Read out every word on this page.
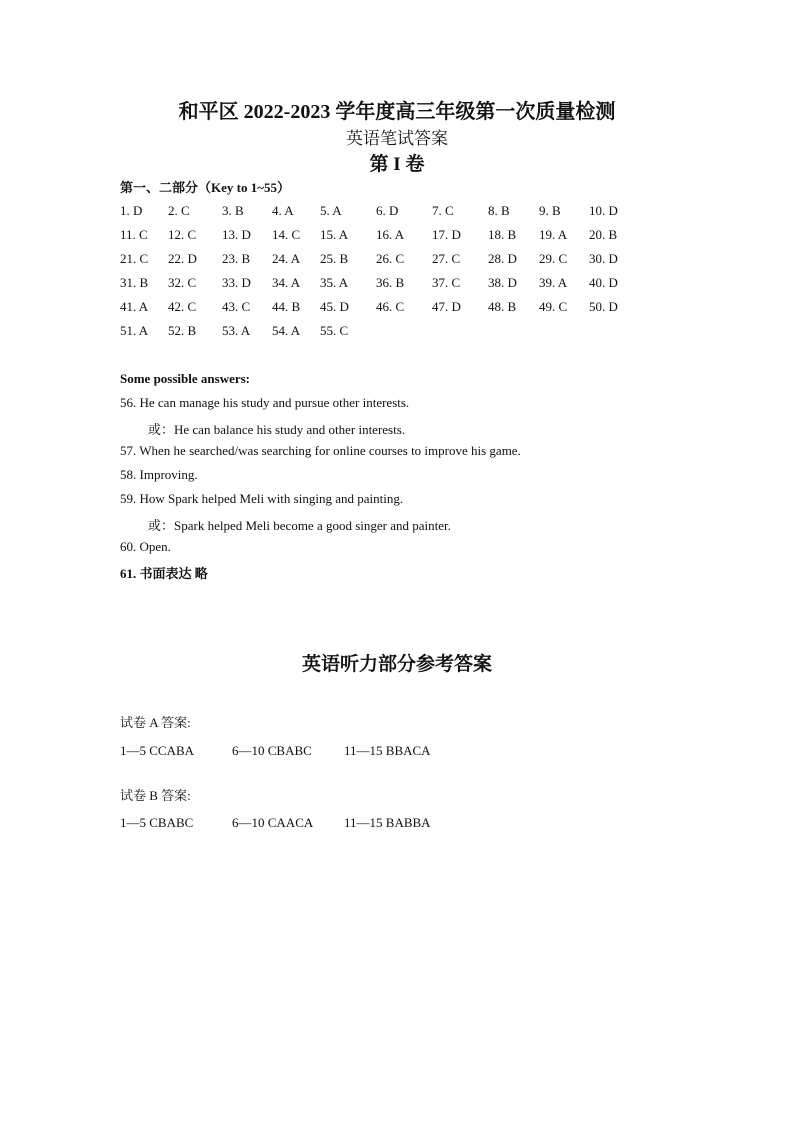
和平区 2022-2023 学年度高三年级第一次质量检测
英语笔试答案
第 I 卷
第一、二部分（Key to 1~55）
1. D 2. C 3. B 4. A 5. A	6. D	7. C	8. B 9. B 10. D
11. C 12. C 13. D 14. C 15. A 16. A 17. D 18. B 19. A 20. B
21. C 22. D 23. B 24. A 25. B 26. C 27. C 28. D 29. C 30. D
31. B 32. C 33. D 34. A 35. A 36. B 37. C 38. D 39. A 40. D
41. A 42. C 43. C 44. B 45. D 46. C 47. D 48. B 49. C 50. D
51. A 52. B 53. A 54. A 55. C
Some possible answers:
56. He can manage his study and pursue other interests.
或：He can balance his study and other interests.
57. When he searched/was searching for online courses to improve his game.
58. Improving.
59. How Spark helped Meli with singing and painting.
或：Spark helped Meli become a good singer and painter.
60. Open.
61. 书面表达 略
英语听力部分参考答案
试卷 A 答案:
1—5 CCABA	6—10 CBABC 11—15 BBACA
试卷 B 答案:
1—5 CBABC	6—10 CAACA 11—15 BABBA
